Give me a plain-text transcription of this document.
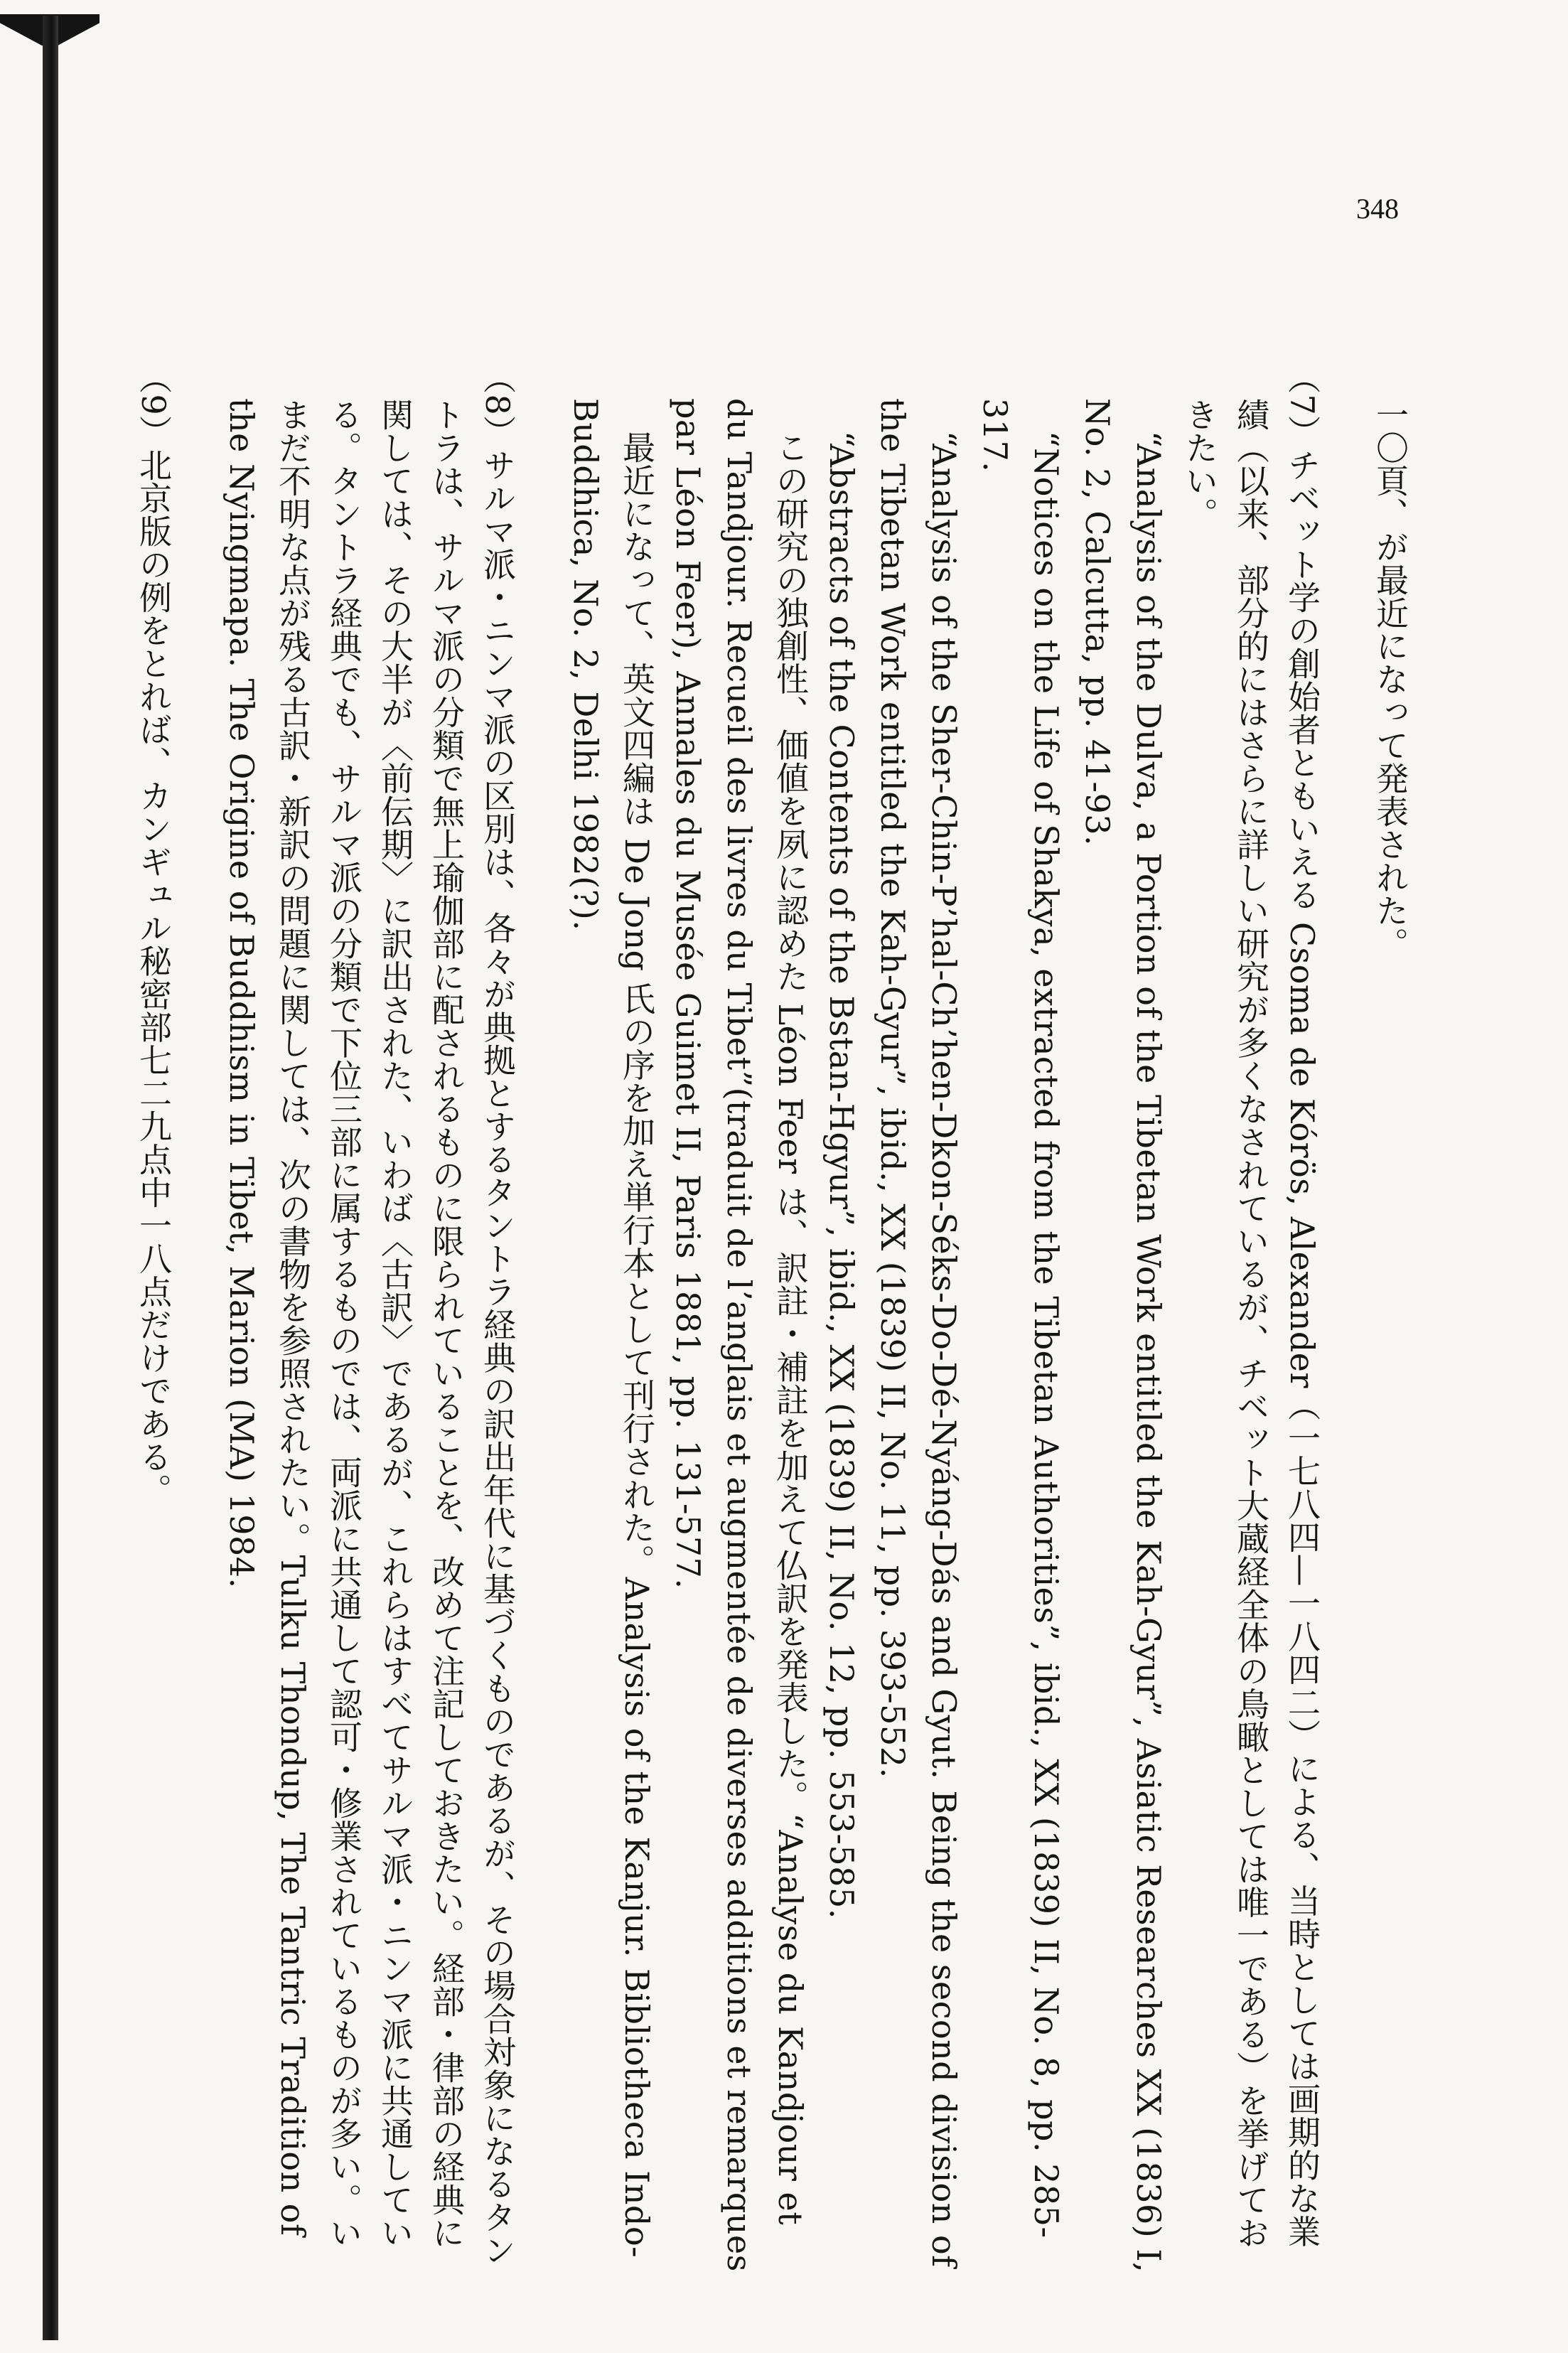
348

一〇頁、が最近になって発表された。

（7）チベット学の創始者ともいえる Csoma de Kórös, Alexander（一七八四—一八四二）による、当時としては画期的な業績（以来、部分的にはさらに詳しい研究が多くなされているが、チベット大蔵経全体の鳥瞰としては唯一である）を挙げておきたい。

“Analysis of the Dulva, a Portion of the Tibetan Work entitled the Kah-Gyur”, Asiatic Researches XX (1836) I, No. 2, Calcutta, pp. 41-93.

“Notices on the Life of Shakya, extracted from the Tibetan Authorities”, ibid., XX (1839) II, No. 8, pp. 285-317.

“Analysis of the Sher-Chin-P’hal-Ch’hen-Dkon-Séks-Do-Dé-Nyáng-Dás and Gyut. Being the second division of the Tibetan Work entitled the Kah-Gyur”, ibid., XX (1839) II, No. 11, pp. 393-552.

“Abstracts of the Contents of the Bstan-Hgyur”, ibid., XX (1839) II, No. 12, pp. 553-585.

この研究の独創性、価値を夙に認めた Léon Feer は、訳註・補註を加えて仏訳を発表した。“Analyse du Kandjour et du Tandjour. Recueil des livres du Tibet”(traduit de l’anglais et augmentée de diverses additions et remarques par Léon Feer), Annales du Musée Guimet II, Paris 1881, pp. 131-577.

最近になって、英文四編は De Jong 氏の序を加え単行本として刊行された。Analysis of the Kanjur. Bibliotheca Indo-Buddhica, No. 2, Delhi 1982(?).

（8）サルマ派・ニンマ派の区別は、各々が典拠とするタントラ経典の訳出年代に基づくものであるが、その場合対象になるタントラは、サルマ派の分類で無上瑜伽部に配されるものに限られていることを、改めて注記しておきたい。経部・律部の経典に関しては、その大半が〈前伝期〉に訳出された、いわば〈古訳〉であるが、これらはすべてサルマ派・ニンマ派に共通している。タントラ経典でも、サルマ派の分類で下位三部に属するものでは、両派に共通して認可・修業されているものが多い。いまだ不明な点が残る古訳・新訳の問題に関しては、次の書物を参照されたい。Tulku Thondup, The Tantric Tradition of the Nyingmapa. The Origine of Buddhism in Tibet, Marion (MA) 1984.

（9）北京版の例をとれば、カンギュル秘密部七二九点中一八点だけである。
